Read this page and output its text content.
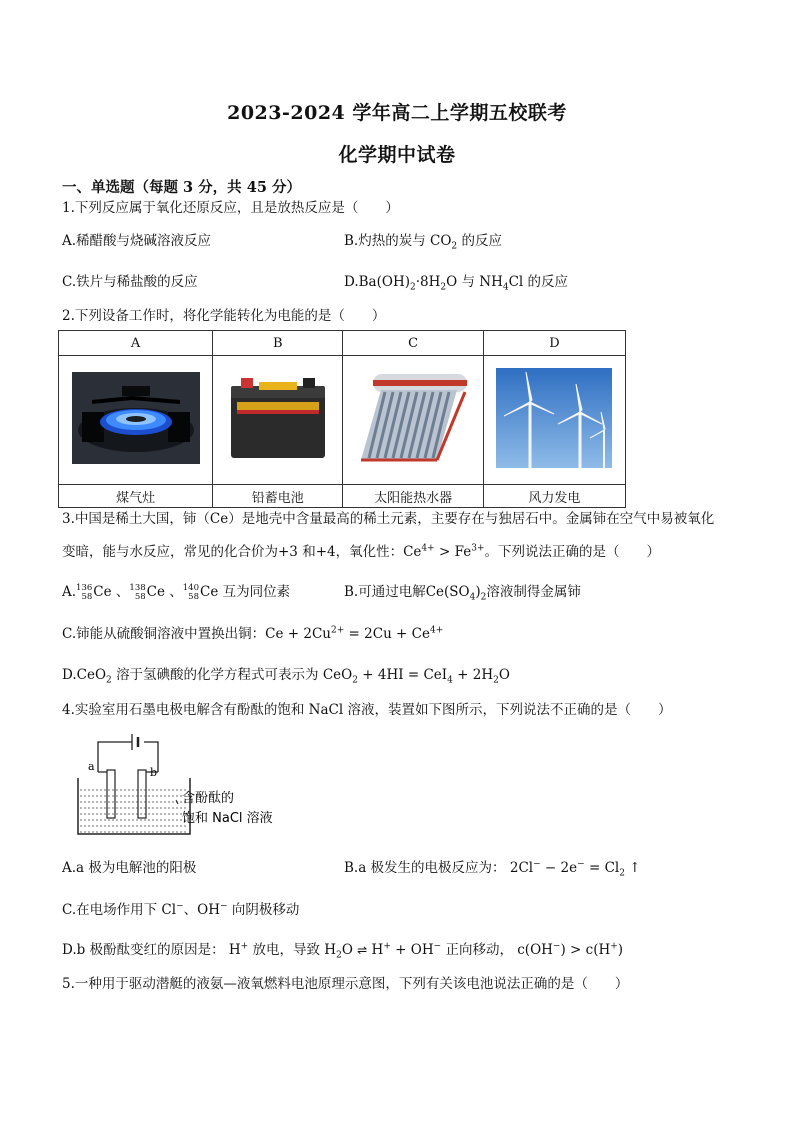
2023-2024 学年高二上学期五校联考
化学期中试卷
一、单选题（每题 3 分，共 45 分）
1.下列反应属于氧化还原反应，且是放热反应是（　　）
A.稀醋酸与烧碱溶液反应	B.灼热的炭与 $CO_2$ 的反应
C.铁片与稀盐酸的反应	$D.Ba(OH)_2\cdot 8H_2O$ 与 $NH_4Cl$ 的反应
2.下列设备工作时，将化学能转化为电能的是（　　）
A	B	C	D

煤气灶	铅蓄电池	太阳能热水器	风力发电
3.中国是稀土大国，铈（Ce）是地壳中含量最高的稀土元素，主要存在与独居石中。金属铈在空气中易被氧化
变暗，能与水反应，常见的化合价为+3 和+4，氧化性：$Ce^{4+} > Fe^{3+}$。下列说法正确的是（　　）
A.136
58Ce 、138
58Ce 、140
58Ce 互为同位素	B.可通过电解$Ce(SO_4)_2$溶液制得金属铈
C.铈能从硫酸铜溶液中置换出铜：$Ce + 2Cu^{2+} = 2Cu + Ce^{4+}$
D.CeO$_2$ 溶于氢碘酸的化学方程式可表示为 $CeO_2 + 4HI = CeI_4 + 2H_2O$
4.实验室用石墨电极电解含有酚酞的饱和 NaCl 溶液，装置如下图所示，下列说法不正确的是（　　）
a	b
含酚酞的
饱和 NaCl 溶液
A.a 极为电解池的阳极	B.a 极发生的电极反应为： $2Cl^- - 2e^- = Cl_2$ ↑
C.在电场作用下 Cl−、OH− 向阴极移动
D.b 极酚酞变红的原因是： H+ 放电，导致 $H_2O$ ⇌ H+ + OH− 正向移动， c(OH−) > c(H+)
5.一种用于驱动潜艇的液氨—液氧燃料电池原理示意图，下列有关该电池说法正确的是（　　）
